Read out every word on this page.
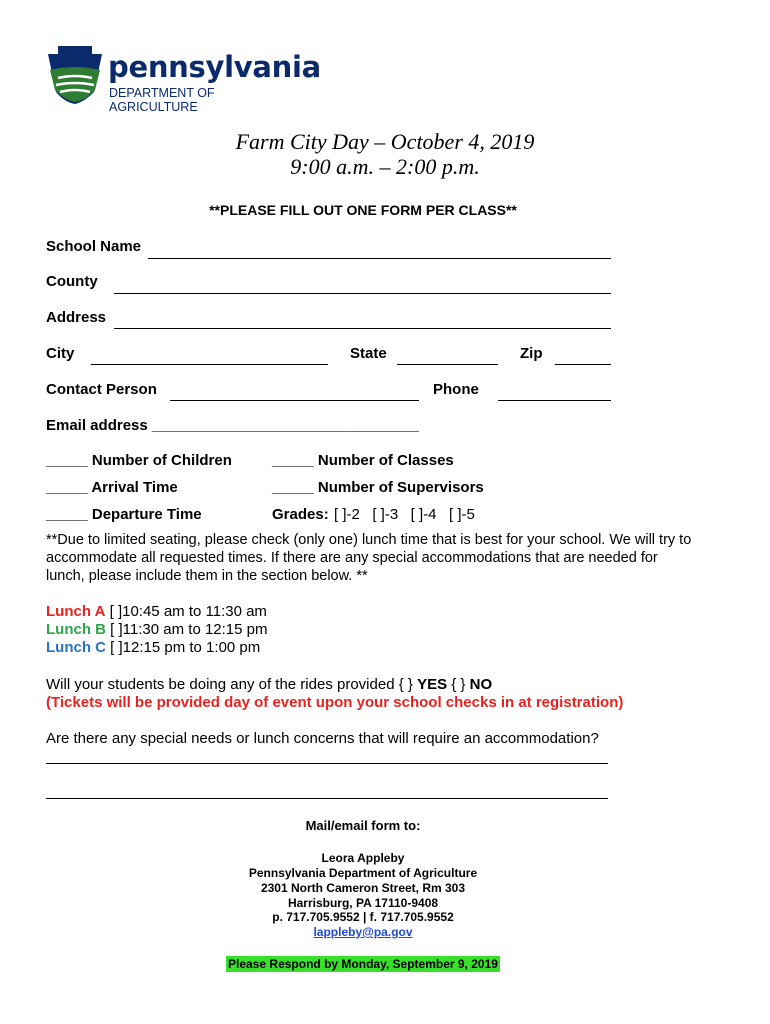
pennsylvania
DEPARTMENT OF AGRICULTURE
Farm City Day – October 4, 2019
9:00 a.m. – 2:00 p.m.
**PLEASE FILL OUT ONE FORM PER CLASS**
School Name
County
Address
City	State	Zip
Contact Person	Phone
Email address ________________________________
_____ Number of Children	_____ Number of Classes
_____ Arrival Time	_____ Number of Supervisors
_____ Departure Time	Grades: [ ]-2   [ ]-3   [ ]-4   [ ]-5
**Due to limited seating, please check (only one) lunch time that is best for your school. We will try to accommodate all requested times. If there are any special accommodations that are needed for lunch, please include them in the section below. **
Lunch A [ ]10:45 am to 11:30 am
Lunch B [ ]11:30 am to 12:15 pm
Lunch C [ ]12:15 pm to 1:00 pm
Will your students be doing any of the rides provided { } YES { } NO
(Tickets will be provided day of event upon your school checks in at registration)
Are there any special needs or lunch concerns that will require an accommodation?
Mail/email form to:
Leora Appleby
Pennsylvania Department of Agriculture
2301 North Cameron Street, Rm 303
Harrisburg, PA 17110-9408
p. 717.705.9552 | f. 717.705.9552
lappleby@pa.gov
Please Respond by Monday, September 9, 2019
